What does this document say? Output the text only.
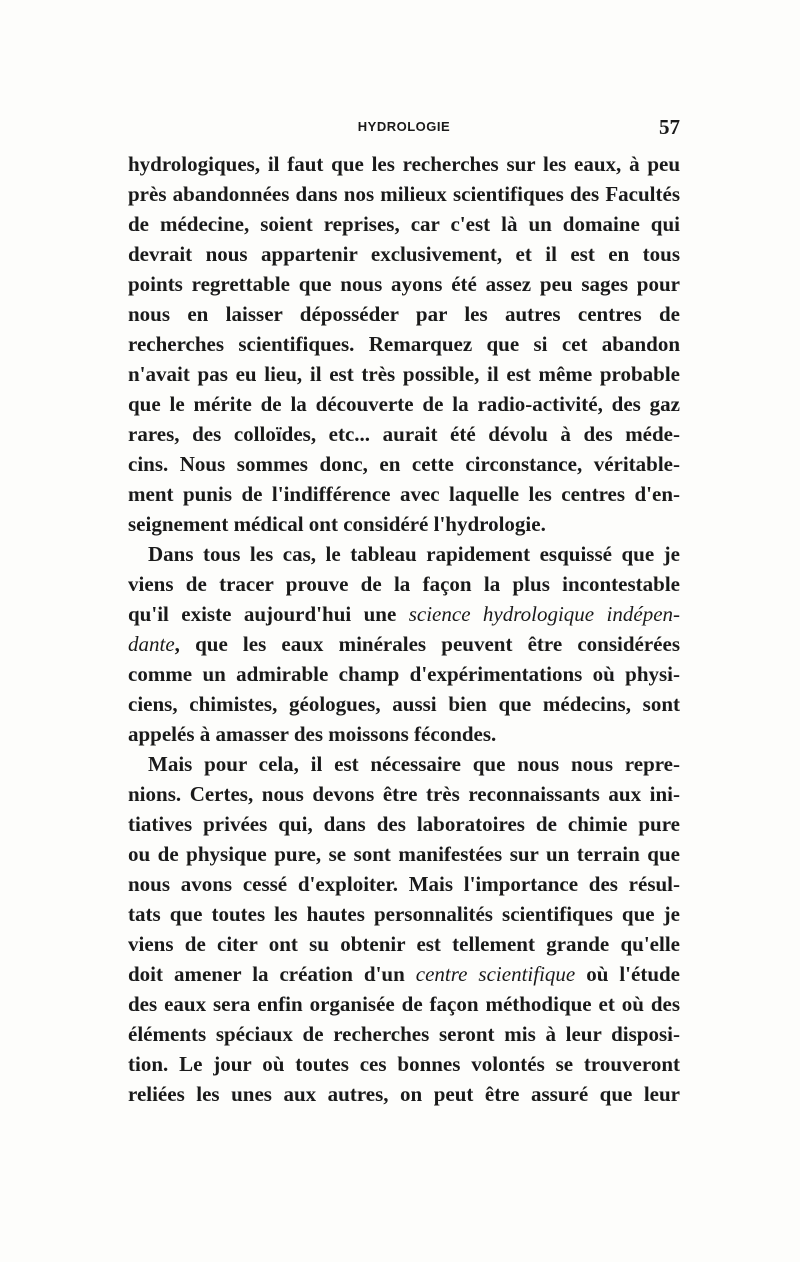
HYDROLOGIE	57
hydrologiques, il faut que les recherches sur les eaux, à peu
près abandonnées dans nos milieux scientifiques des Facultés
de médecine, soient reprises, car c'est là un domaine qui
devrait nous appartenir exclusivement, et il est en tous
points regrettable que nous ayons été assez peu sages pour
nous en laisser déposséder par les autres centres de
recherches scientifiques. Remarquez que si cet abandon
n'avait pas eu lieu, il est très possible, il est même probable
que le mérite de la découverte de la radio-activité, des gaz
rares, des colloïdes, etc... aurait été dévolu à des méde-
cins. Nous sommes donc, en cette circonstance, véritable-
ment punis de l'indifférence avec laquelle les centres d'en-
seignement médical ont considéré l'hydrologie.
Dans tous les cas, le tableau rapidement esquissé que je
viens de tracer prouve de la façon la plus incontestable
qu'il existe aujourd'hui une science hydrologique indépen-
dante, que les eaux minérales peuvent être considérées
comme un admirable champ d'expérimentations où physi-
ciens, chimistes, géologues, aussi bien que médecins, sont
appelés à amasser des moissons fécondes.
Mais pour cela, il est nécessaire que nous nous repre-
nions. Certes, nous devons être très reconnaissants aux ini-
tiatives privées qui, dans des laboratoires de chimie pure
ou de physique pure, se sont manifestées sur un terrain que
nous avons cessé d'exploiter. Mais l'importance des résul-
tats que toutes les hautes personnalités scientifiques que je
viens de citer ont su obtenir est tellement grande qu'elle
doit amener la création d'un centre scientifique où l'étude
des eaux sera enfin organisée de façon méthodique et où des
éléments spéciaux de recherches seront mis à leur disposi-
tion. Le jour où toutes ces bonnes volontés se trouveront
reliées les unes aux autres, on peut être assuré que leur
